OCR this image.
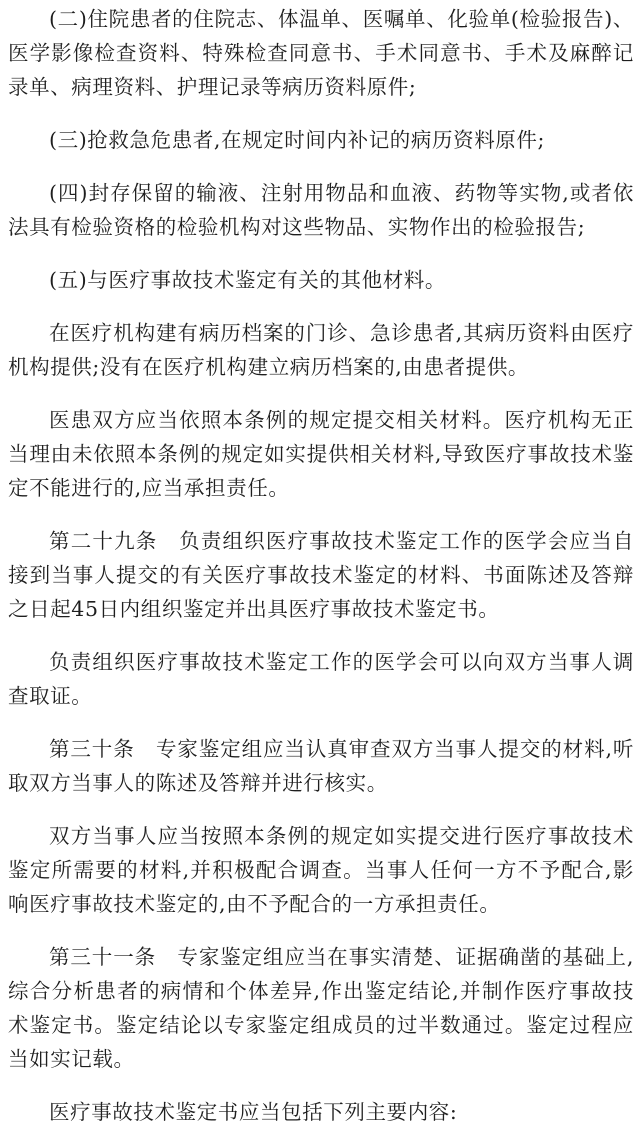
(二)住院患者的住院志、体温单、医嘱单、化验单(检验报告)、医学影像检查资料、特殊检查同意书、手术同意书、手术及麻醉记录单、病理资料、护理记录等病历资料原件;

(三)抢救急危患者,在规定时间内补记的病历资料原件;

(四)封存保留的输液、注射用物品和血液、药物等实物,或者依法具有检验资格的检验机构对这些物品、实物作出的检验报告;

(五)与医疗事故技术鉴定有关的其他材料。

在医疗机构建有病历档案的门诊、急诊患者,其病历资料由医疗机构提供;没有在医疗机构建立病历档案的,由患者提供。

医患双方应当依照本条例的规定提交相关材料。医疗机构无正当理由未依照本条例的规定如实提供相关材料,导致医疗事故技术鉴定不能进行的,应当承担责任。

第二十九条　负责组织医疗事故技术鉴定工作的医学会应当自接到当事人提交的有关医疗事故技术鉴定的材料、书面陈述及答辩之日起45日内组织鉴定并出具医疗事故技术鉴定书。

负责组织医疗事故技术鉴定工作的医学会可以向双方当事人调查取证。

第三十条　专家鉴定组应当认真审查双方当事人提交的材料,听取双方当事人的陈述及答辩并进行核实。

双方当事人应当按照本条例的规定如实提交进行医疗事故技术鉴定所需要的材料,并积极配合调查。当事人任何一方不予配合,影响医疗事故技术鉴定的,由不予配合的一方承担责任。

第三十一条　专家鉴定组应当在事实清楚、证据确凿的基础上,综合分析患者的病情和个体差异,作出鉴定结论,并制作医疗事故技术鉴定书。鉴定结论以专家鉴定组成员的过半数通过。鉴定过程应当如实记载。

医疗事故技术鉴定书应当包括下列主要内容:
